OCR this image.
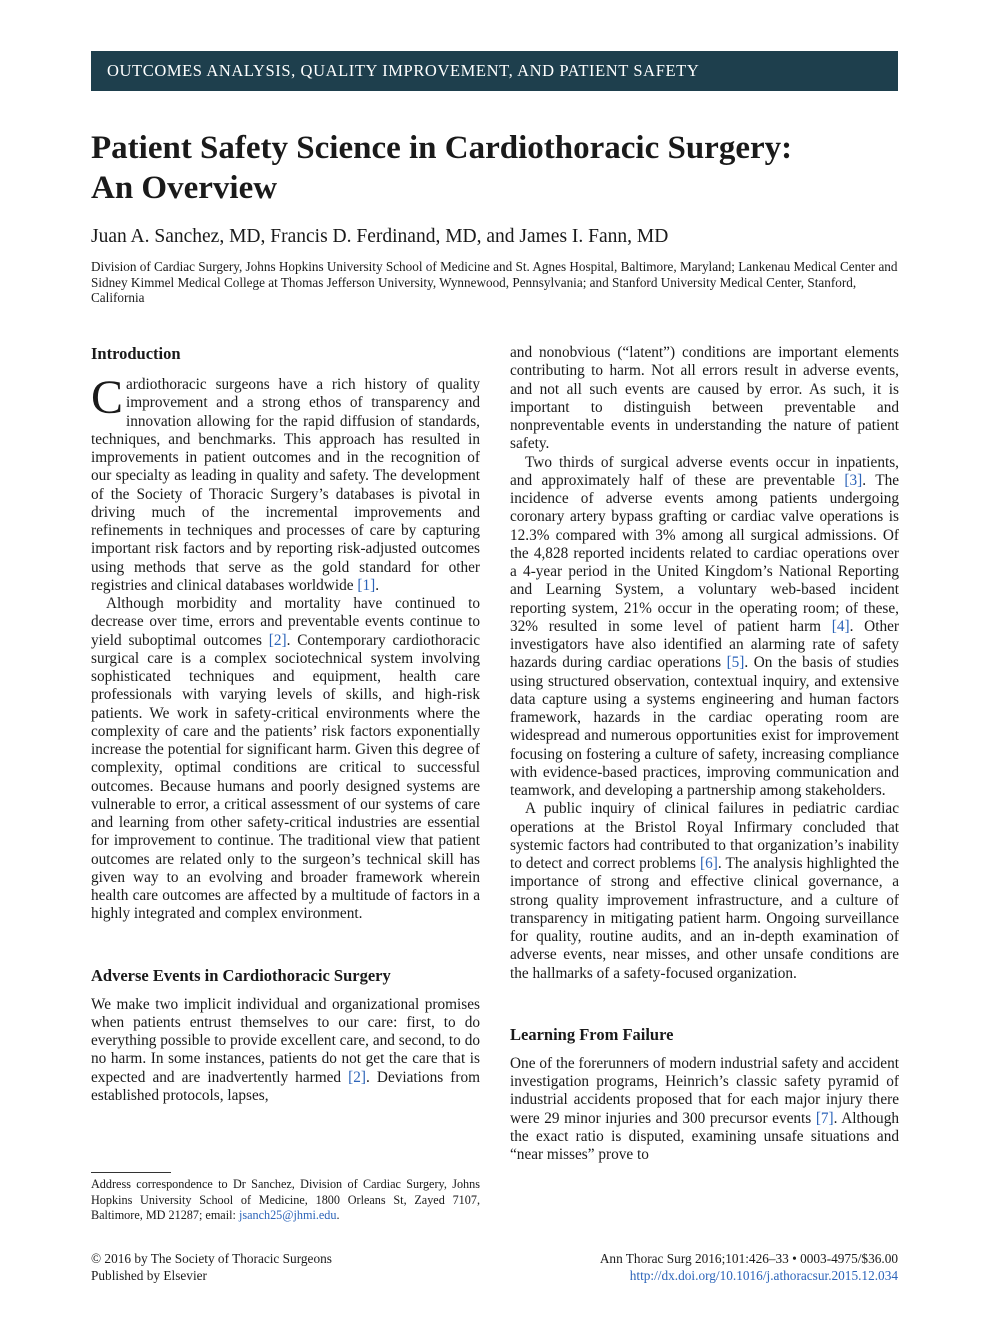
OUTCOMES ANALYSIS, QUALITY IMPROVEMENT, AND PATIENT SAFETY
Patient Safety Science in Cardiothoracic Surgery:
An Overview
Juan A. Sanchez, MD, Francis D. Ferdinand, MD, and James I. Fann, MD
Division of Cardiac Surgery, Johns Hopkins University School of Medicine and St. Agnes Hospital, Baltimore, Maryland; Lankenau Medical Center and Sidney Kimmel Medical College at Thomas Jefferson University, Wynnewood, Pennsylvania; and Stanford University Medical Center, Stanford, California
Introduction

Cardiothoracic surgeons have a rich history of quality improvement and a strong ethos of transparency and innovation allowing for the rapid diffusion of standards, techniques, and benchmarks. This approach has resulted in improvements in patient outcomes and in the recognition of our specialty as leading in quality and safety. The development of the Society of Thoracic Surgery’s databases is pivotal in driving much of the incremental improvements and refinements in techniques and processes of care by capturing important risk factors and by reporting risk-adjusted outcomes using methods that serve as the gold standard for other registries and clinical databases worldwide [1].

Although morbidity and mortality have continued to decrease over time, errors and preventable events continue to yield suboptimal outcomes [2]. Contemporary cardiothoracic surgical care is a complex sociotechnical system involving sophisticated techniques and equipment, health care professionals with varying levels of skills, and high-risk patients. We work in safety-critical environments where the complexity of care and the patients’ risk factors exponentially increase the potential for significant harm. Given this degree of complexity, optimal conditions are critical to successful outcomes. Because humans and poorly designed systems are vulnerable to error, a critical assessment of our systems of care and learning from other safety-critical industries are essential for improvement to continue. The traditional view that patient outcomes are related only to the surgeon’s technical skill has given way to an evolving and broader framework wherein health care outcomes are affected by a multitude of factors in a highly integrated and complex environment.

Adverse Events in Cardiothoracic Surgery

We make two implicit individual and organizational promises when patients entrust themselves to our care: first, to do everything possible to provide excellent care, and second, to do no harm. In some instances, patients do not get the care that is expected and are inadvertently harmed [2]. Deviations from established protocols, lapses,

and nonobvious (“latent”) conditions are important elements contributing to harm. Not all errors result in adverse events, and not all such events are caused by error. As such, it is important to distinguish between preventable and nonpreventable events in understanding the nature of patient safety.

Two thirds of surgical adverse events occur in inpatients, and approximately half of these are preventable [3]. The incidence of adverse events among patients undergoing coronary artery bypass grafting or cardiac valve operations is 12.3% compared with 3% among all surgical admissions. Of the 4,828 reported incidents related to cardiac operations over a 4-year period in the United Kingdom’s National Reporting and Learning System, a voluntary web-based incident reporting system, 21% occur in the operating room; of these, 32% resulted in some level of patient harm [4]. Other investigators have also identified an alarming rate of safety hazards during cardiac operations [5]. On the basis of studies using structured observation, contextual inquiry, and extensive data capture using a systems engineering and human factors framework, hazards in the cardiac operating room are widespread and numerous opportunities exist for improvement focusing on fostering a culture of safety, increasing compliance with evidence-based practices, improving communication and teamwork, and developing a partnership among stakeholders.

A public inquiry of clinical failures in pediatric cardiac operations at the Bristol Royal Infirmary concluded that systemic factors had contributed to that organization’s inability to detect and correct problems [6]. The analysis highlighted the importance of strong and effective clinical governance, a strong quality improvement infrastructure, and a culture of transparency in mitigating patient harm. Ongoing surveillance for quality, routine audits, and an in-depth examination of adverse events, near misses, and other unsafe conditions are the hallmarks of a safety-focused organization.

Learning From Failure

One of the forerunners of modern industrial safety and accident investigation programs, Heinrich’s classic safety pyramid of industrial accidents proposed that for each major injury there were 29 minor injuries and 300 precursor events [7]. Although the exact ratio is disputed, examining unsafe situations and “near misses” prove to

Address correspondence to Dr Sanchez, Division of Cardiac Surgery, Johns Hopkins University School of Medicine, 1800 Orleans St, Zayed 7107, Baltimore, MD 21287; email: jsanch25@jhmi.edu.
© 2016 by The Society of Thoracic Surgeons
Published by Elsevier
Ann Thorac Surg 2016;101:426–33 • 0003-4975/$36.00
http://dx.doi.org/10.1016/j.athoracsur.2015.12.034
